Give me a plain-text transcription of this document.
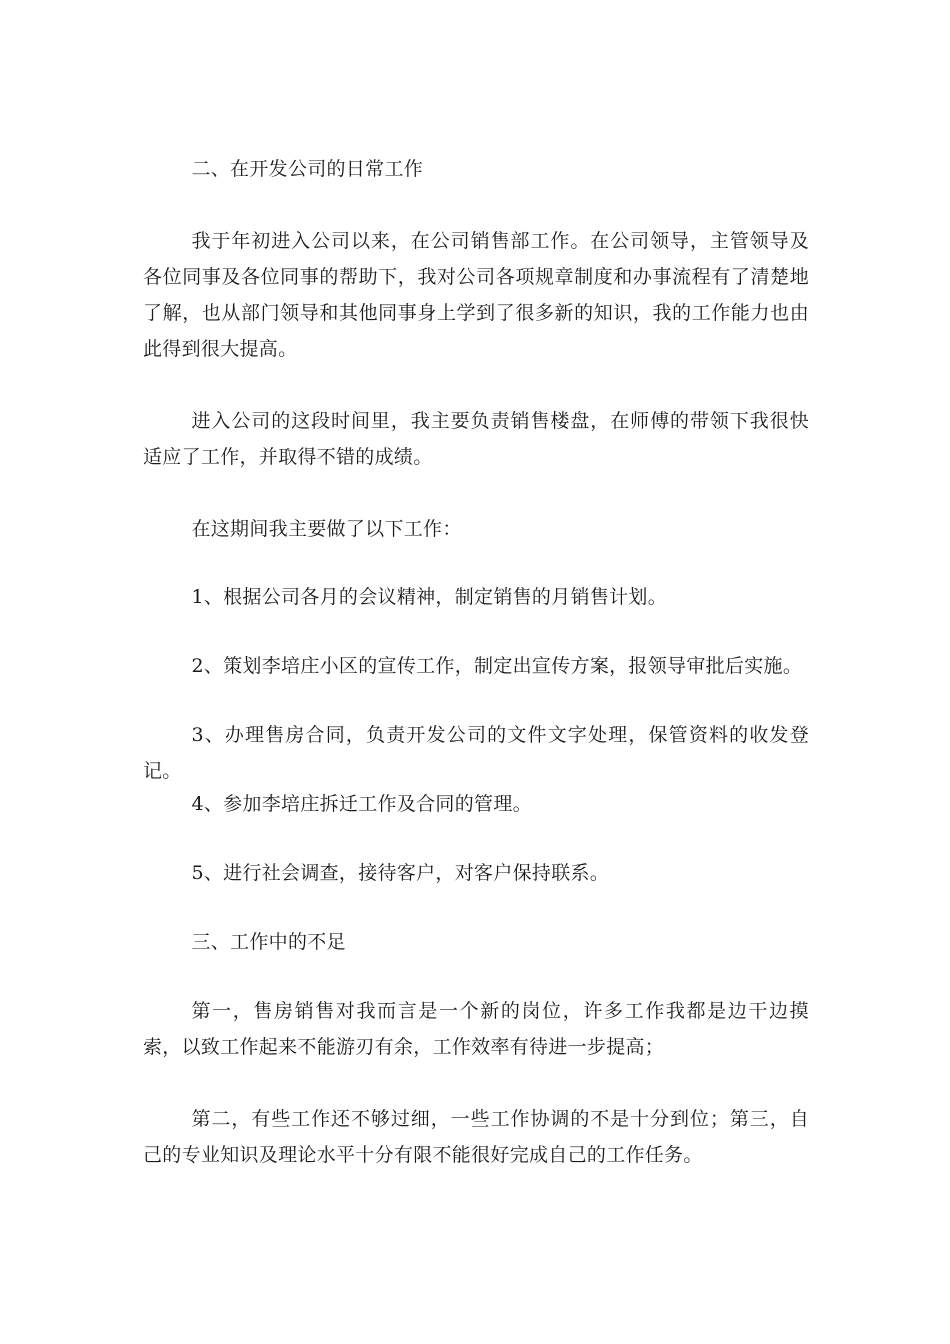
二、在开发公司的日常工作

我于年初进入公司以来，在公司销售部工作。在公司领导，主管领导及各位同事及各位同事的帮助下，我对公司各项规章制度和办事流程有了清楚地了解，也从部门领导和其他同事身上学到了很多新的知识，我的工作能力也由此得到很大提高。

进入公司的这段时间里，我主要负责销售楼盘，在师傅的带领下我很快适应了工作，并取得不错的成绩。

在这期间我主要做了以下工作：

1、根据公司各月的会议精神，制定销售的月销售计划。

2、策划李培庄小区的宣传工作，制定出宣传方案，报领导审批后实施。

3、办理售房合同，负责开发公司的文件文字处理，保管资料的收发登记。

4、参加李培庄拆迁工作及合同的管理。

5、进行社会调查，接待客户，对客户保持联系。

三、工作中的不足

第一，售房销售对我而言是一个新的岗位，许多工作我都是边干边摸索，以致工作起来不能游刃有余，工作效率有待进一步提高；

第二，有些工作还不够过细，一些工作协调的不是十分到位；第三，自己的专业知识及理论水平十分有限不能很好完成自己的工作任务。
